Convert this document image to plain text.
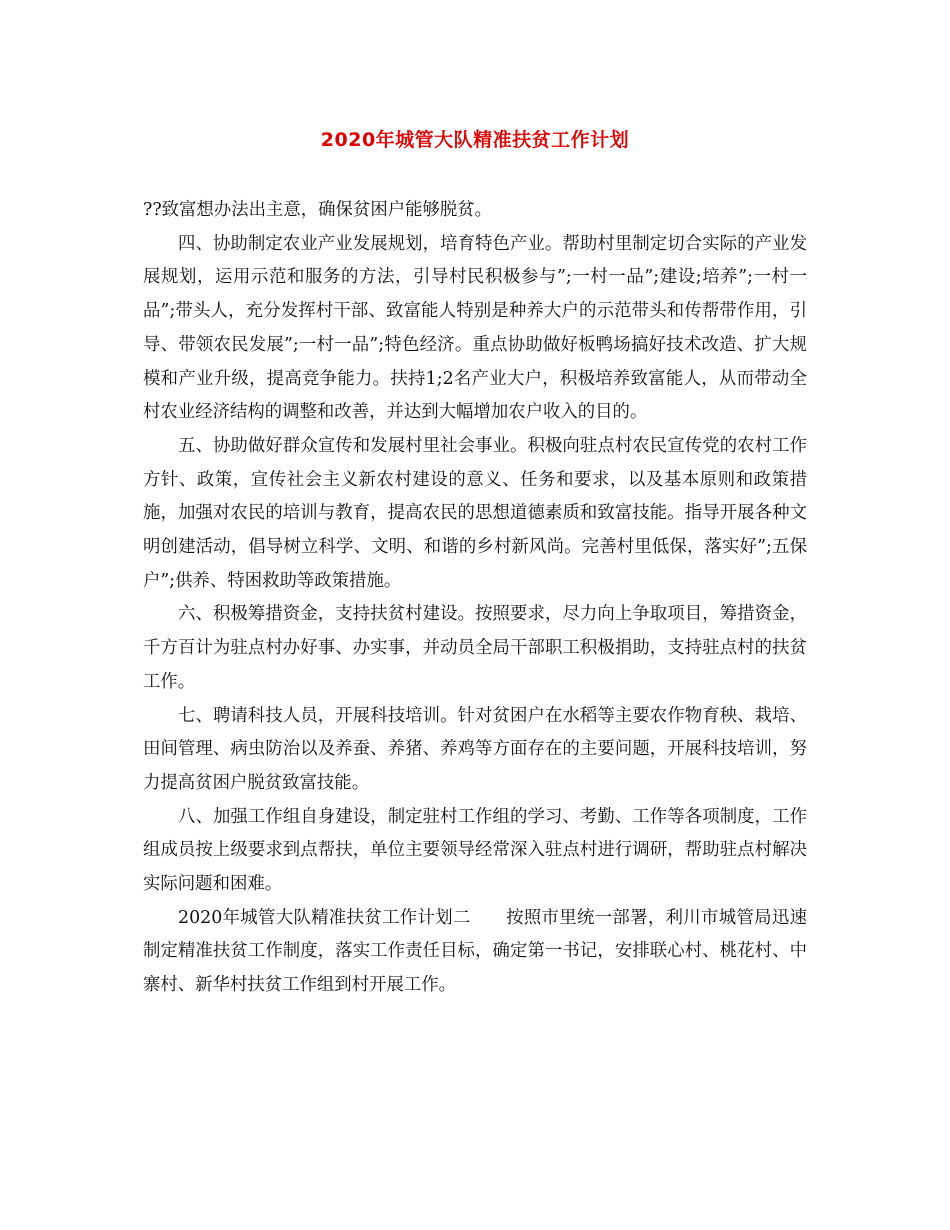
2020年城管大队精准扶贫工作计划

??致富想办法出主意，确保贫困户能够脱贫。

四、协助制定农业产业发展规划，培育特色产业。帮助村里制定切合实际的产业发展规划，运用示范和服务的方法，引导村民积极参与”;一村一品”;建设;培养”;一村一品”;带头人，充分发挥村干部、致富能人特别是种养大户的示范带头和传帮带作用，引导、带领农民发展”;一村一品”;特色经济。重点协助做好板鸭场搞好技术改造、扩大规模和产业升级，提高竞争能力。扶持1;2名产业大户，积极培养致富能人，从而带动全村农业经济结构的调整和改善，并达到大幅增加农户收入的目的。

五、协助做好群众宣传和发展村里社会事业。积极向驻点村农民宣传党的农村工作方针、政策，宣传社会主义新农村建设的意义、任务和要求，以及基本原则和政策措施，加强对农民的培训与教育，提高农民的思想道德素质和致富技能。指导开展各种文明创建活动，倡导树立科学、文明、和谐的乡村新风尚。完善村里低保，落实好”;五保户”;供养、特困救助等政策措施。

六、积极筹措资金，支持扶贫村建设。按照要求，尽力向上争取项目，筹措资金，千方百计为驻点村办好事、办实事，并动员全局干部职工积极捐助，支持驻点村的扶贫工作。

七、聘请科技人员，开展科技培训。针对贫困户在水稻等主要农作物育秧、栽培、田间管理、病虫防治以及养蚕、养猪、养鸡等方面存在的主要问题，开展科技培训，努力提高贫困户脱贫致富技能。

八、加强工作组自身建设，制定驻村工作组的学习、考勤、工作等各项制度，工作组成员按上级要求到点帮扶，单位主要领导经常深入驻点村进行调研，帮助驻点村解决实际问题和困难。

2020年城管大队精准扶贫工作计划二　　按照市里统一部署，利川市城管局迅速制定精准扶贫工作制度，落实工作责任目标，确定第一书记，安排联心村、桃花村、中寨村、新华村扶贫工作组到村开展工作。
